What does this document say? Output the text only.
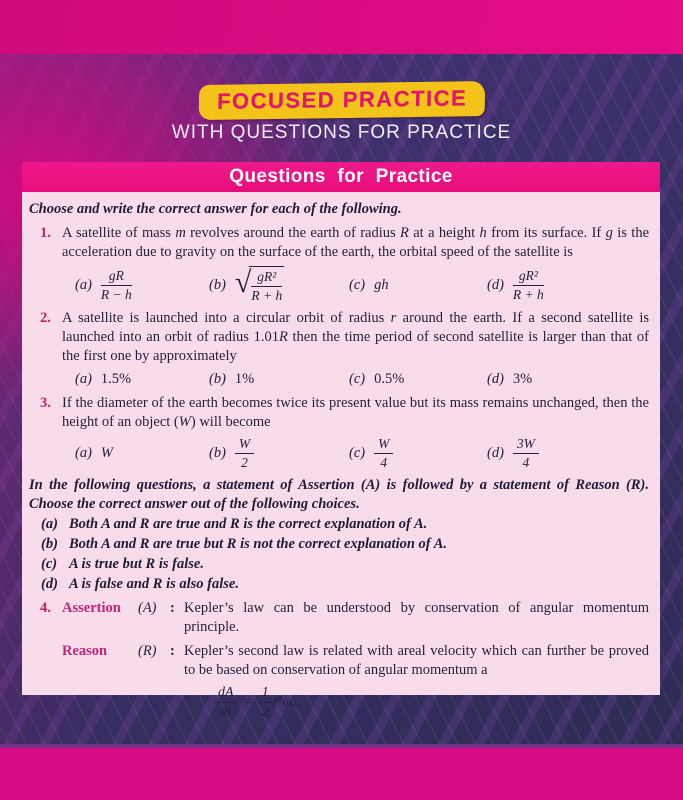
FOCUSED PRACTICE
WITH QUESTIONS FOR PRACTICE
Questions for Practice
Choose and write the correct answer for each of the following.
1. A satellite of mass m revolves around the earth of radius R at a height h from its surface. If g is the acceleration due to gravity on the surface of the earth, the orbital speed of the satellite is
$(a) \frac{gR}{R - h}$	(b) √ $\frac{\text{gR²}}{R + h}$	(c) gh	$(d) \frac{\text{gR²}}{R + h}$
2. A satellite is launched into a circular orbit of radius r around the earth. If a second satellite is launched into an orbit of radius 1.01R then the time period of second satellite is larger than that of the first one by approximately
(a) 1.5%	(b) 1%	(c) 0.5%	(d) 3%
3. If the diameter of the earth becomes twice its present value but its mass remains unchanged, then the height of an object (W) will become
(a) W	$(b) \frac{W}{2}$	$(c) \frac{W}{4}$	$(d) \frac{3W}{4}$
In the following questions, a statement of Assertion (A) is followed by a statement of Reason (R). Choose the correct answer out of the following choices.
(a) Both A and R are true and R is the correct explanation of A.
(b) Both A and R are true but R is not the correct explanation of A.
(c) A is true but R is false.
(d) A is false and R is also false.
4. Assertion	(A) : Kepler’s law can be understood by conservation of angular momentum principle.
Reason	(R) : Kepler’s second law is related with areal velocity which can further be proved to be based on conservation of angular momentum a
$\frac{dA}{dt} = \frac{1}{2}$ r ²ω .
